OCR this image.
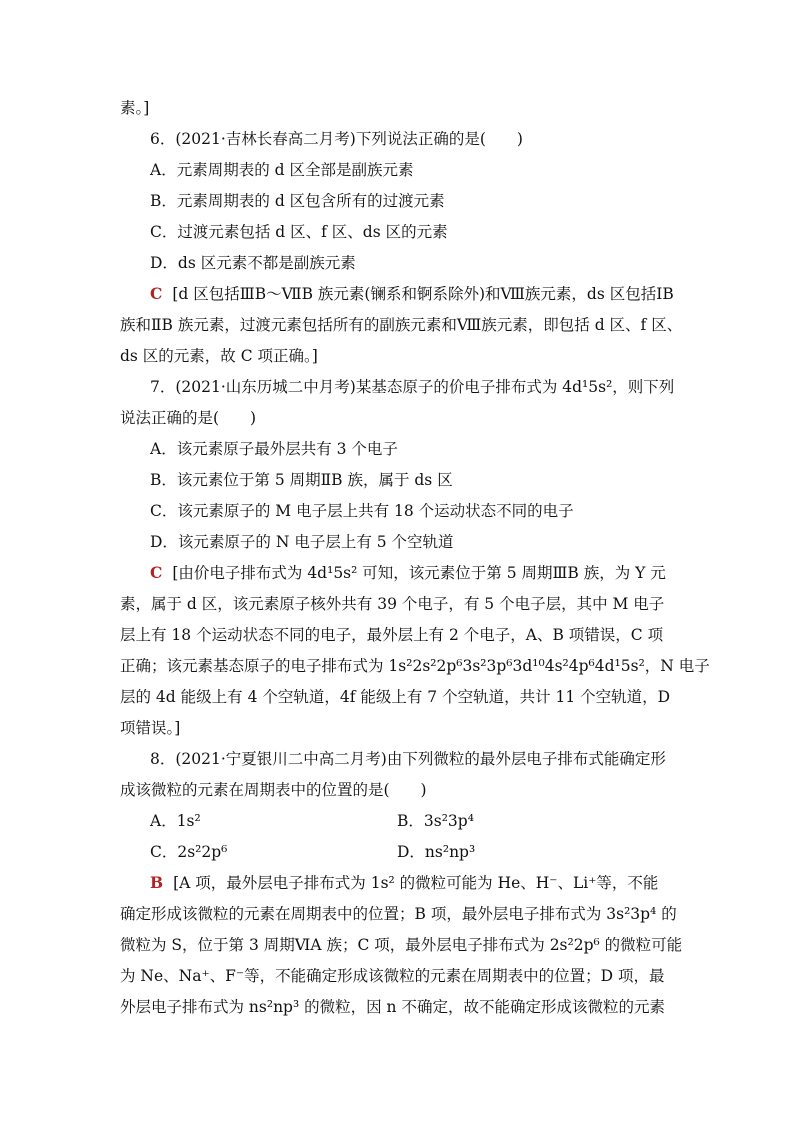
素。]
6．(2021·吉林长春高二月考)下列说法正确的是(　　)
A．元素周期表的 d 区全部是副族元素
B．元素周期表的 d 区包含所有的过渡元素
C．过渡元素包括 d 区、f 区、ds 区的元素
D．ds 区元素不都是副族元素
C [d 区包括ⅢB～ⅦB 族元素(镧系和锕系除外)和Ⅷ族元素，ds 区包括ⅠB
族和ⅡB 族元素，过渡元素包括所有的副族元素和Ⅷ族元素，即包括 d 区、f 区、
ds 区的元素，故 C 项正确。]
7．(2021·山东历城二中月考)某基态原子的价电子排布式为 4d¹5s²，则下列
说法正确的是(　　)
A．该元素原子最外层共有 3 个电子
B．该元素位于第 5 周期ⅡB 族，属于 ds 区
C．该元素原子的 M 电子层上共有 18 个运动状态不同的电子
D．该元素原子的 N 电子层上有 5 个空轨道
C [由价电子排布式为 4d¹5s² 可知，该元素位于第 5 周期ⅢB 族，为 Y 元
素，属于 d 区，该元素原子核外共有 39 个电子，有 5 个电子层，其中 M 电子
层上有 18 个运动状态不同的电子，最外层上有 2 个电子，A、B 项错误，C 项
正确；该元素基态原子的电子排布式为 1s²2s²2p⁶3s²3p⁶3d¹⁰4s²4p⁶4d¹5s²，N 电子
层的 4d 能级上有 4 个空轨道，4f 能级上有 7 个空轨道，共计 11 个空轨道，D
项错误。]
8．(2021·宁夏银川二中高二月考)由下列微粒的最外层电子排布式能确定形
成该微粒的元素在周期表中的位置的是(　　)
A．1s²	B．3s²3p⁴
C．2s²2p⁶	D．ns²np³
B [A 项，最外层电子排布式为 1s² 的微粒可能为 He、H⁻、Li⁺等，不能
确定形成该微粒的元素在周期表中的位置；B 项，最外层电子排布式为 3s²3p⁴ 的
微粒为 S，位于第 3 周期ⅥA 族；C 项，最外层电子排布式为 2s²2p⁶ 的微粒可能
为 Ne、Na⁺、F⁻等，不能确定形成该微粒的元素在周期表中的位置；D 项，最
外层电子排布式为 ns²np³ 的微粒，因 n 不确定，故不能确定形成该微粒的元素
